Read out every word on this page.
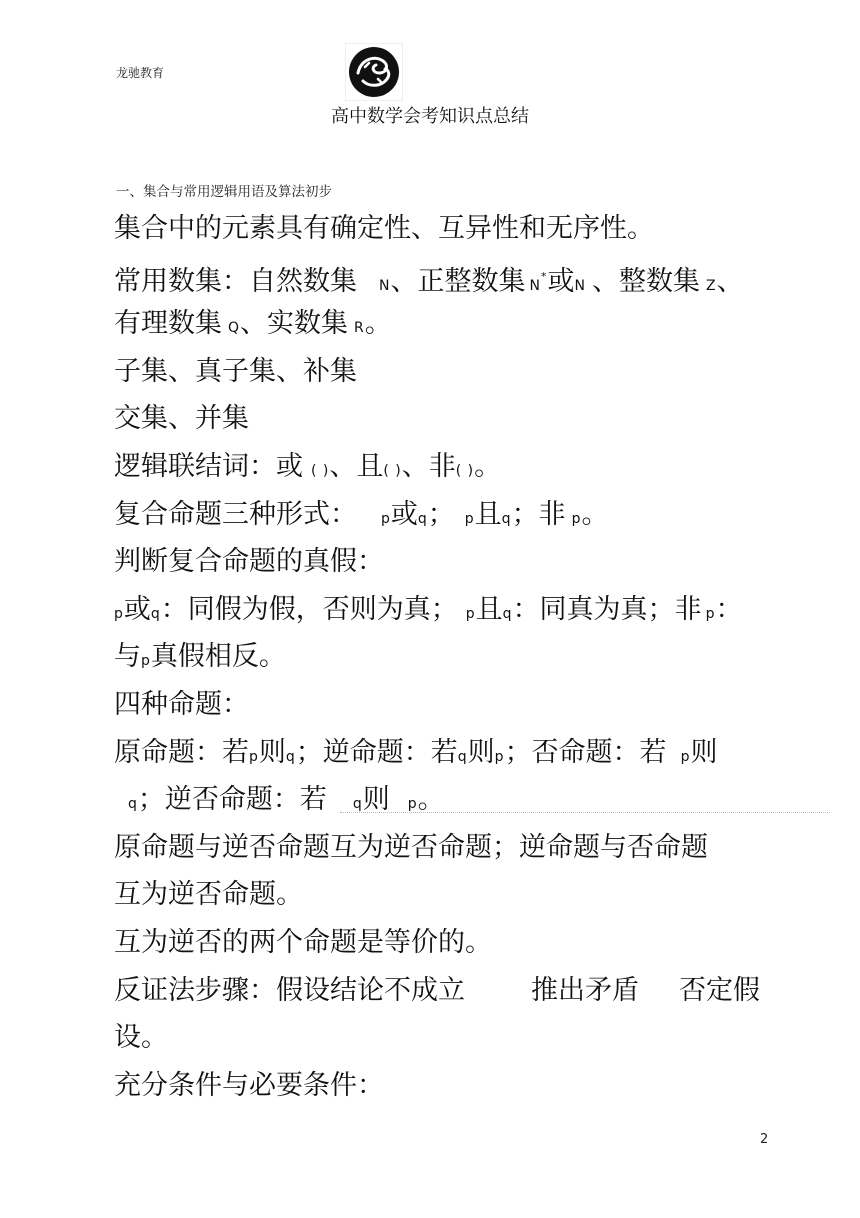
龙驰教育
高中数学会考知识点总结
一、集合与常用逻辑用语及算法初步
集合中的元素具有确定性、互异性和无序性。
常用数集：自然数集 N、正整数集 N*或N 、整数集 Z、
有理数集 Q、实数集 R。
子集、真子集、补集
交集、并集
逻辑联结词：或 ( )、且( )、非( )。
复合命题三种形式： p或q； p且q；非 p。
判断复合命题的真假：
p或q：同假为假，否则为真； p且q：同真为真；非 p：
与p真假相反。
四种命题：
原命题：若p则q；逆命题：若q则p；否命题：若 p则
q；逆否命题：若 q则 p。
原命题与逆否命题互为逆否命题；逆命题与否命题
互为逆否命题。
互为逆否的两个命题是等价的。
反证法步骤：假设结论不成立 推出矛盾 否定假
设。
充分条件与必要条件：
2
